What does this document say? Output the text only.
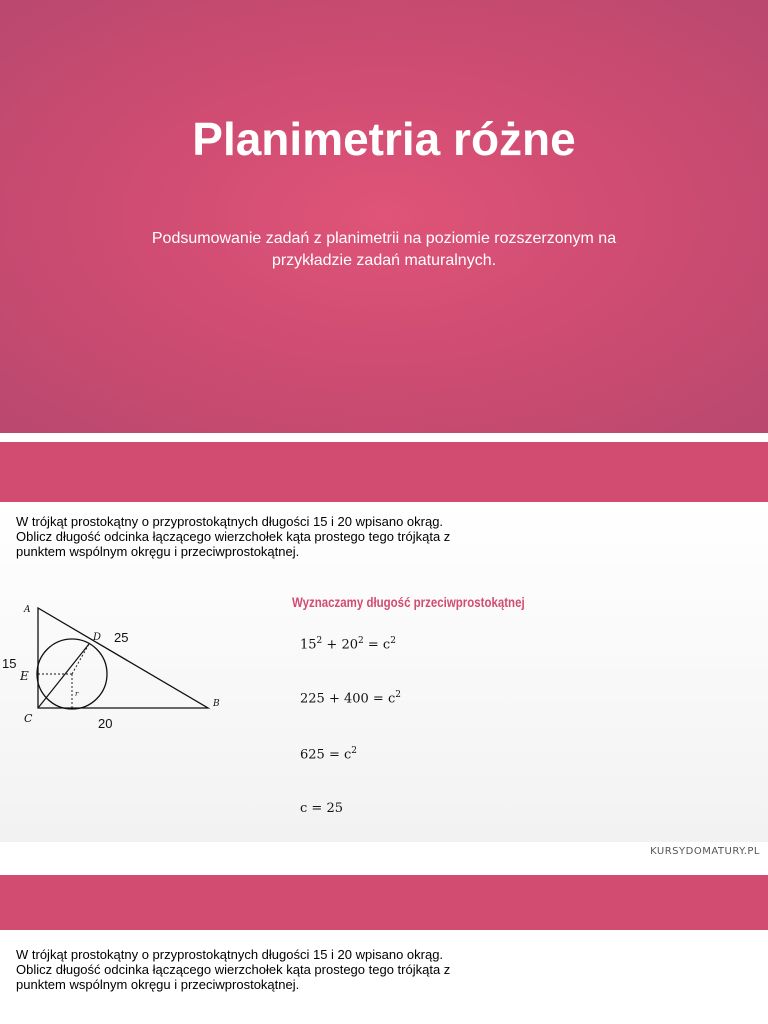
Planimetria różne
Podsumowanie zadań z planimetrii na poziomie rozszerzonym na przykładzie zadań maturalnych.
W trójkąt prostokątny o przyprostokątnych długości 15 i 20 wpisano okrąg.
Oblicz długość odcinka łączącego wierzchołek kąta prostego tego trójkąta z
punktem wspólnym okręgu i przeciwprostokątnej.
A
C
B
D
E
r
15
20
25
Wyznaczamy długość przeciwprostokątnej
$15^2 + 20^2 = c^2$
$225 + 400 = c^2$
$625 = c^2$
c = 25
KURSYDOMATURY.PL
W trójkąt prostokątny o przyprostokątnych długości 15 i 20 wpisano okrąg.
Oblicz długość odcinka łączącego wierzchołek kąta prostego tego trójkąta z
punktem wspólnym okręgu i przeciwprostokątnej.
